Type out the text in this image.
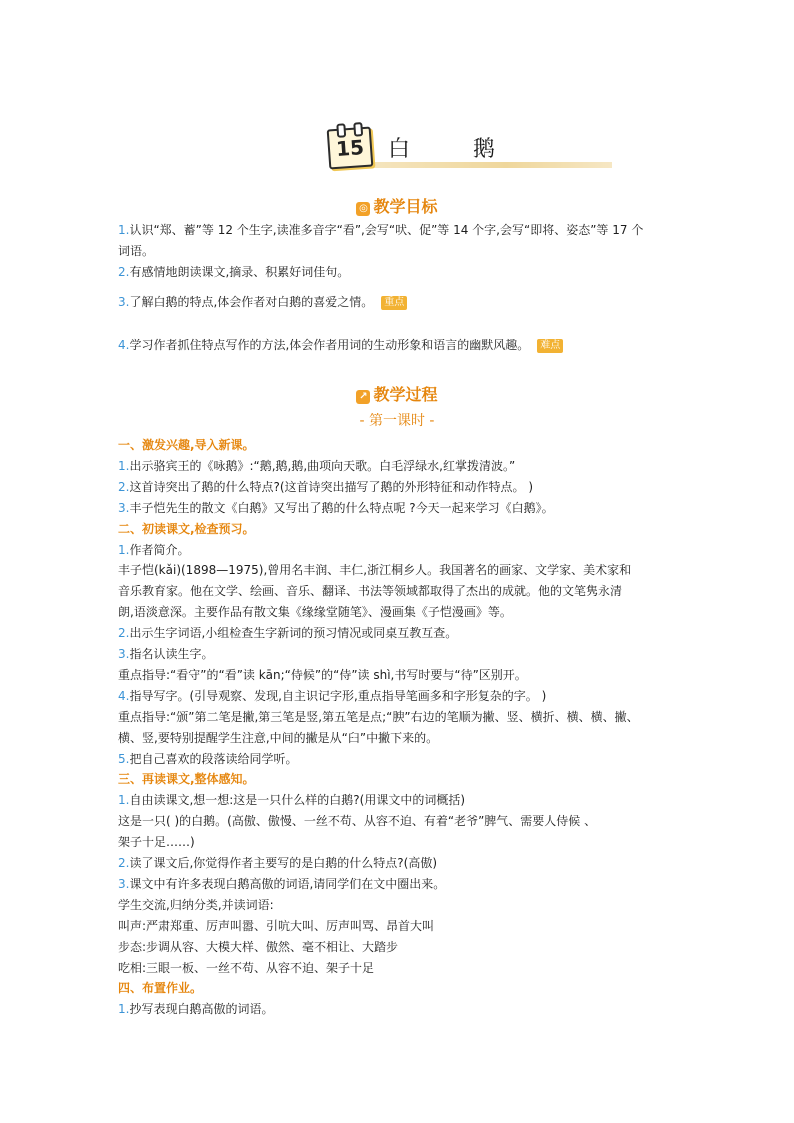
15 白 鹅
◎ 教学目标
1.认识“郑、蓄”等 12 个生字,读准多音字“看”,会写“吠、促”等 14 个字,会写“即将、姿态”等 17 个
词语。
2.有感情地朗读课文,摘录、积累好词佳句。
3.了解白鹅的特点,体会作者对白鹅的喜爱之情。 重点
4.学习作者抓住特点写作的方法,体会作者用词的生动形象和语言的幽默风趣。 难点
↗ 教学过程
- 第一课时 -
一、激发兴趣,导入新课。
1.出示骆宾王的《咏鹅》:“鹅,鹅,鹅,曲项向天歌。白毛浮绿水,红掌拨清波。”
2.这首诗突出了鹅的什么特点?(这首诗突出描写了鹅的外形特征和动作特点。 )
3.丰子恺先生的散文《白鹅》又写出了鹅的什么特点呢 ?今天一起来学习《白鹅》。
二、初读课文,检查预习。
1.作者简介。
丰子恺(kǎi)(1898—1975),曾用名丰润、丰仁,浙江桐乡人。我国著名的画家、文学家、美术家和
音乐教育家。他在文学、绘画、音乐、翻译、书法等领域都取得了杰出的成就。他的文笔隽永清
朗,语淡意深。主要作品有散文集《缘缘堂随笔》、漫画集《子恺漫画》等。
2.出示生字词语,小组检查生字新词的预习情况或同桌互教互查。
3.指名认读生字。
重点指导:“看守”的“看”读 kān;“侍候”的“侍”读 shì,书写时要与“待”区别开。
4.指导写字。(引导观察、发现,自主识记字形,重点指导笔画多和字形复杂的字。 )
重点指导:“颁”第二笔是撇,第三笔是竖,第五笔是点;“腴”右边的笔顺为撇、竖、横折、横、横、撇、
横、竖,要特别提醒学生注意,中间的撇是从“臼”中撇下来的。
5.把自己喜欢的段落读给同学听。
三、再读课文,整体感知。
1.自由读课文,想一想:这是一只什么样的白鹅?(用课文中的词概括)
这是一只( )的白鹅。(高傲、傲慢、一丝不苟、从容不迫、有着“老爷”脾气、需要人侍候 、
架子十足……)
2.读了课文后,你觉得作者主要写的是白鹅的什么特点?(高傲)
3.课文中有许多表现白鹅高傲的词语,请同学们在文中圈出来。
学生交流,归纳分类,并读词语:
叫声:严肃郑重、厉声叫嚣、引吭大叫、厉声叫骂、昂首大叫
步态:步调从容、大模大样、傲然、毫不相让、大踏步
吃相:三眼一板、一丝不苟、从容不迫、架子十足
四、布置作业。
1.抄写表现白鹅高傲的词语。
